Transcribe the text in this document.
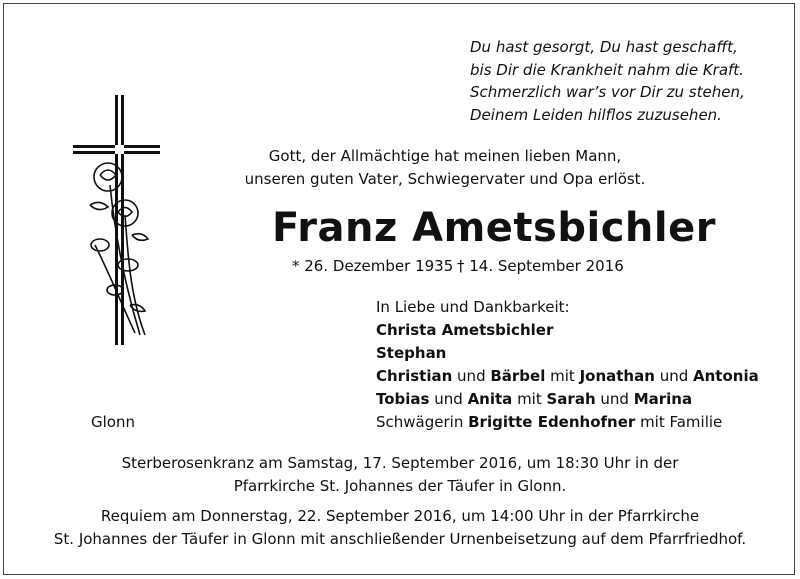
Du hast gesorgt, Du hast geschafft,
bis Dir die Krankheit nahm die Kraft.
Schmerzlich war’s vor Dir zu stehen,
Deinem Leiden hilflos zuzusehen.
Gott, der Allmächtige hat meinen lieben Mann,
unseren guten Vater, Schwiegervater und Opa erlöst.
Franz Ametsbichler
* 26. Dezember 1935 † 14. September 2016
In Liebe und Dankbarkeit:
Christa Ametsbichler
Stephan
Christian und Bärbel mit Jonathan und Antonia
Tobias und Anita mit Sarah und Marina
Schwägerin Brigitte Edenhofner mit Familie
Glonn
Sterberosenkranz am Samstag, 17. September 2016, um 18:30 Uhr in der
Pfarrkirche St. Johannes der Täufer in Glonn.
Requiem am Donnerstag, 22. September 2016, um 14:00 Uhr in der Pfarrkirche
St. Johannes der Täufer in Glonn mit anschließender Urnenbeisetzung auf dem Pfarrfriedhof.
